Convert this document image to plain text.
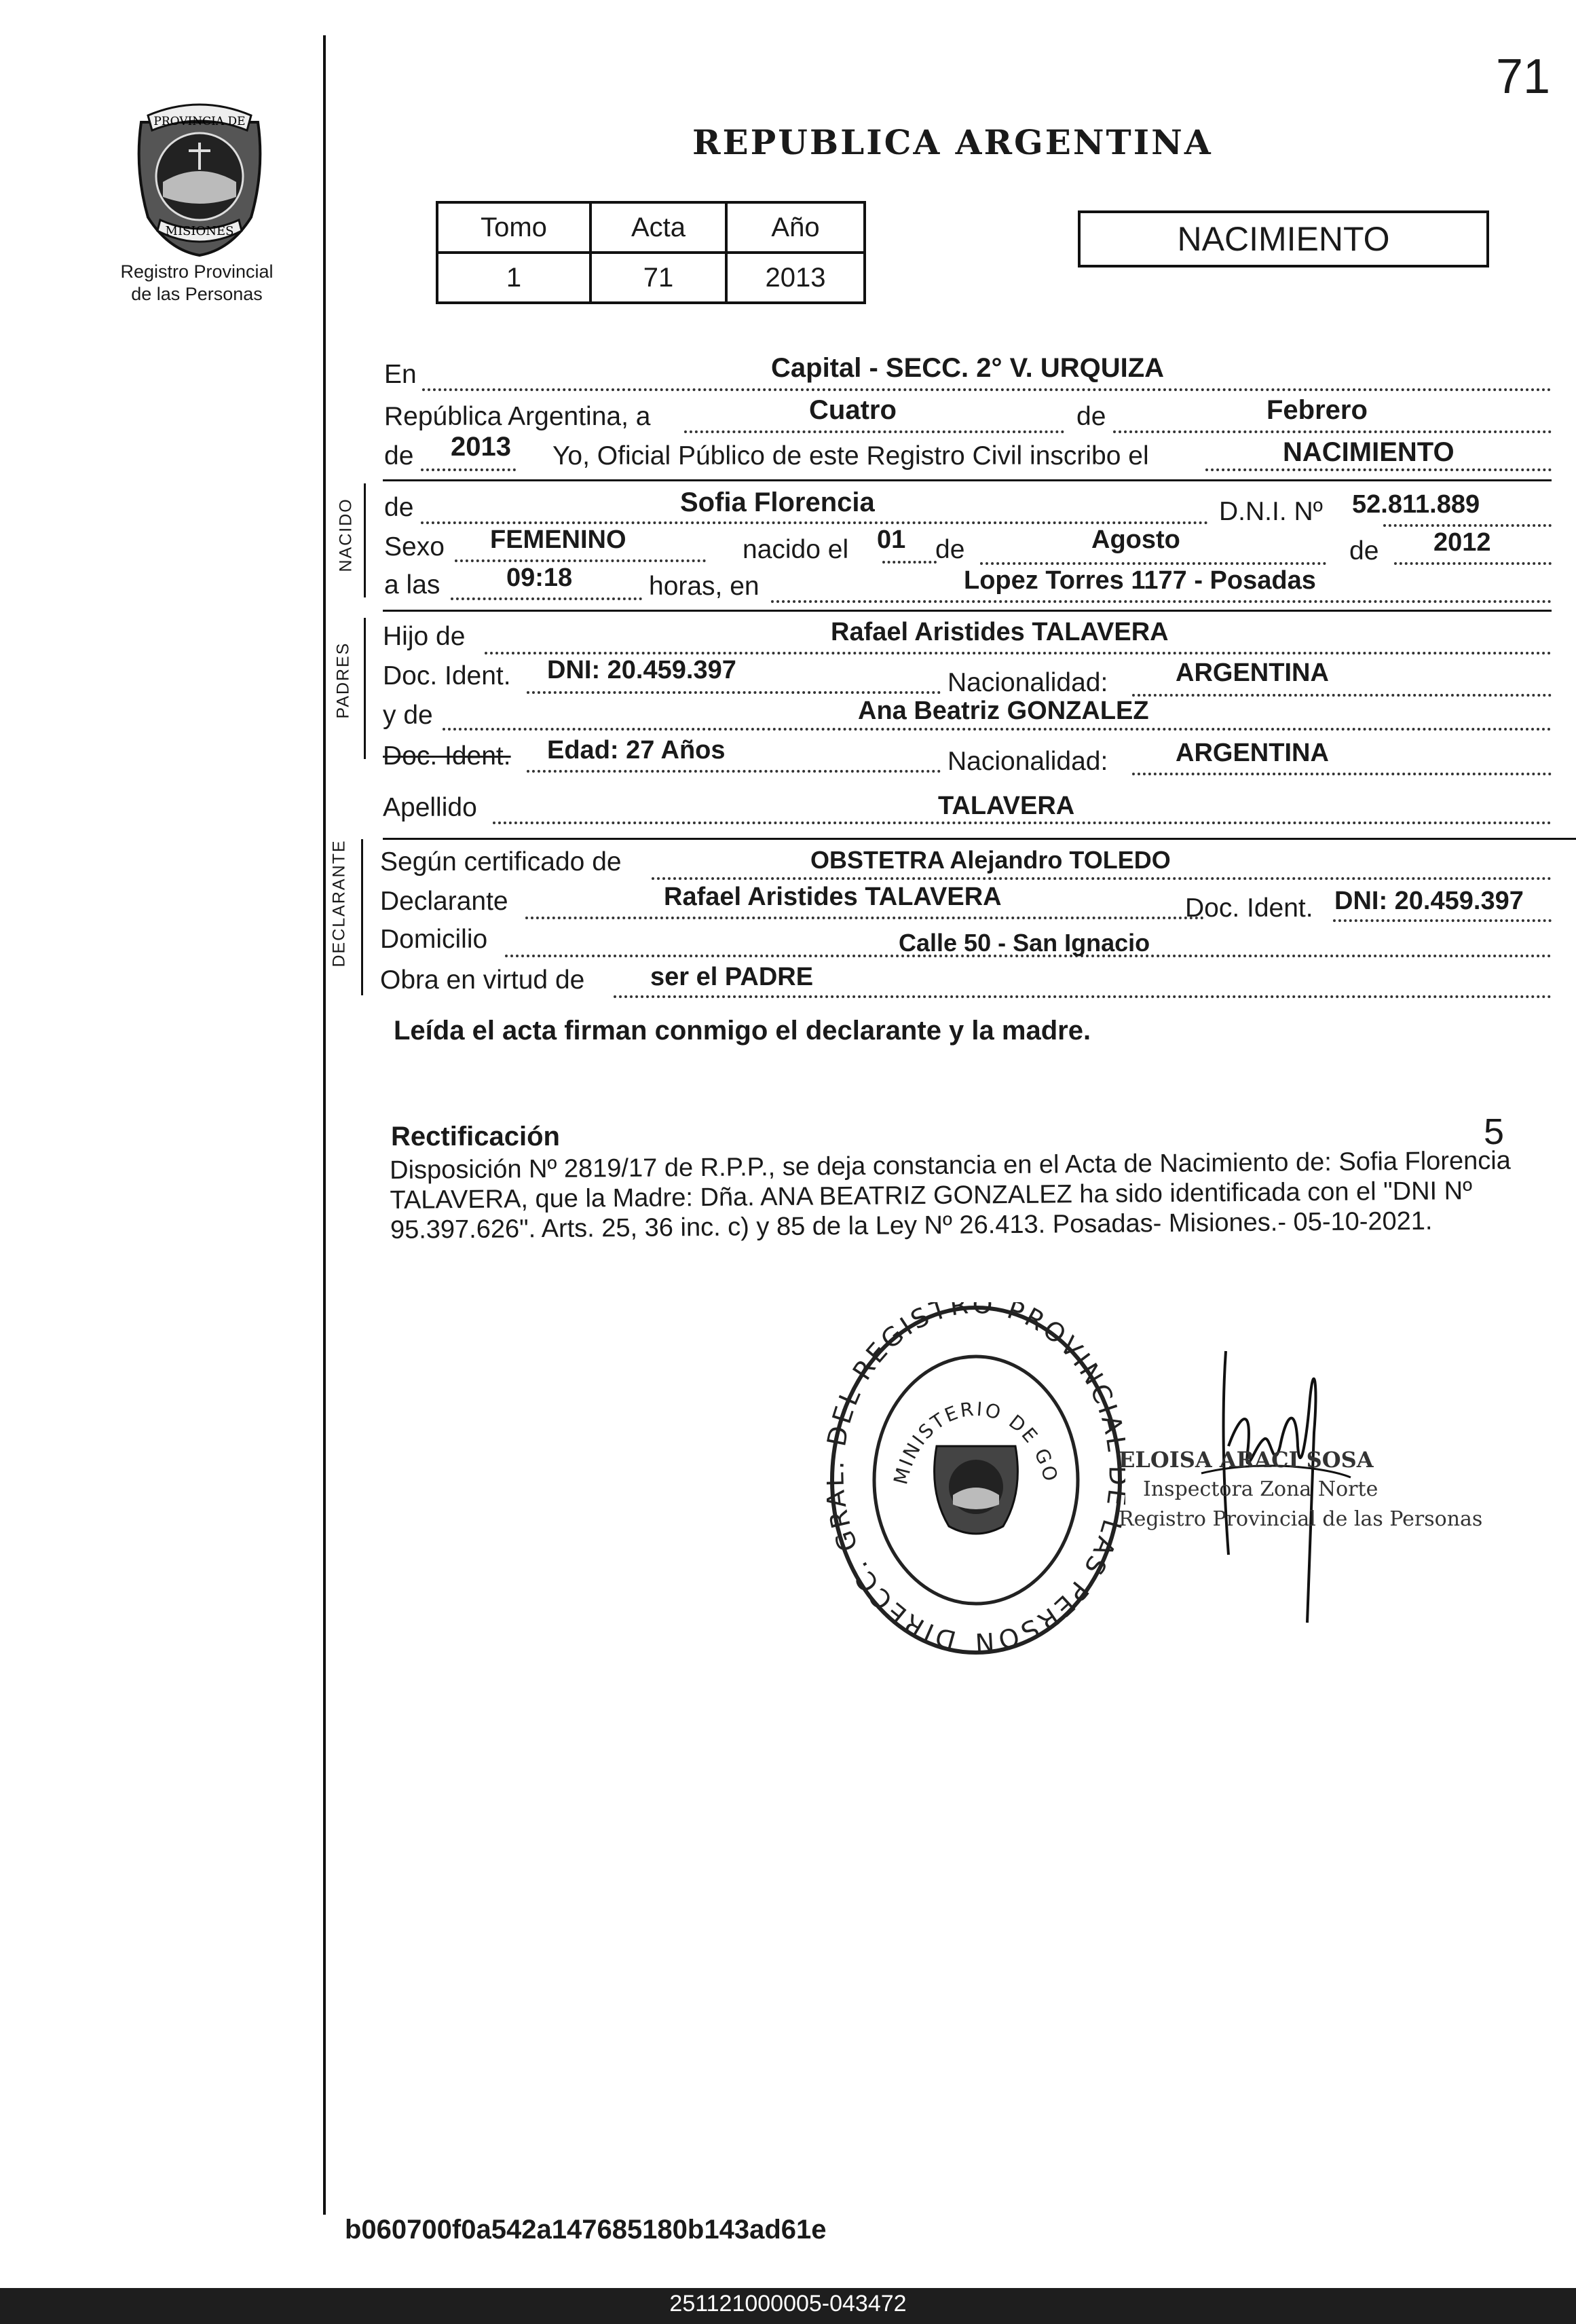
71
PROVINCIA DE
MISIONES
Registro Provincial
de las Personas
REPUBLICA ARGENTINA
Tomo	Acta	Año
1	71	2013
NACIMIENTO
NACIDO
PADRES
DECLARANTE
En	Capital - SECC. 2° V. URQUIZA
República Argentina, a	Cuatro	de	Febrero
de 2013 Yo, Oficial Público de este Registro Civil inscribo el	NACIMIENTO
de	Sofia Florencia	D.N.I. Nº 52.811.889
Sexo FEMENINO	nacido el 01 de	Agosto	de 2012
a las	09:18	horas, en	Lopez Torres 1177 - Posadas
Hijo de	Rafael Aristides TALAVERA
Doc. Ident. DNI: 20.459.397	Nacionalidad:	ARGENTINA
y de	Ana Beatriz GONZALEZ
Doc. Ident. Edad: 27 Años	Nacionalidad:	ARGENTINA
Apellido	TALAVERA
Según certificado de	OBSTETRA Alejandro TOLEDO
Declarante	Rafael Aristides TALAVERA	Doc. Ident. DNI: 20.459.397
Domicilio	Calle 50 - San Ignacio
Obra en virtud de	ser el PADRE
Leída el acta firman conmigo el declarante y la madre.
Rectificación	5
Disposición Nº 2819/17 de R.P.P., se deja constancia en el Acta de Nacimiento de: Sofia Florencia TALAVERA, que la Madre: Dña. ANA BEATRIZ GONZALEZ ha sido identificada con el "DNI Nº 95.397.626". Arts. 25, 36 inc. c) y 85 de la Ley Nº 26.413. Posadas- Misiones.- 05-10-2021.
DIRECC. G EL REGISTRO PROVINCI LAS PERSON
MINISTERIO DE GO
ELOISA ARACI SOSA
Inspectora Zona Norte
Registro Provincial de las Personas
b060700f0a542a147685180b143ad61e
251121000005-043472
